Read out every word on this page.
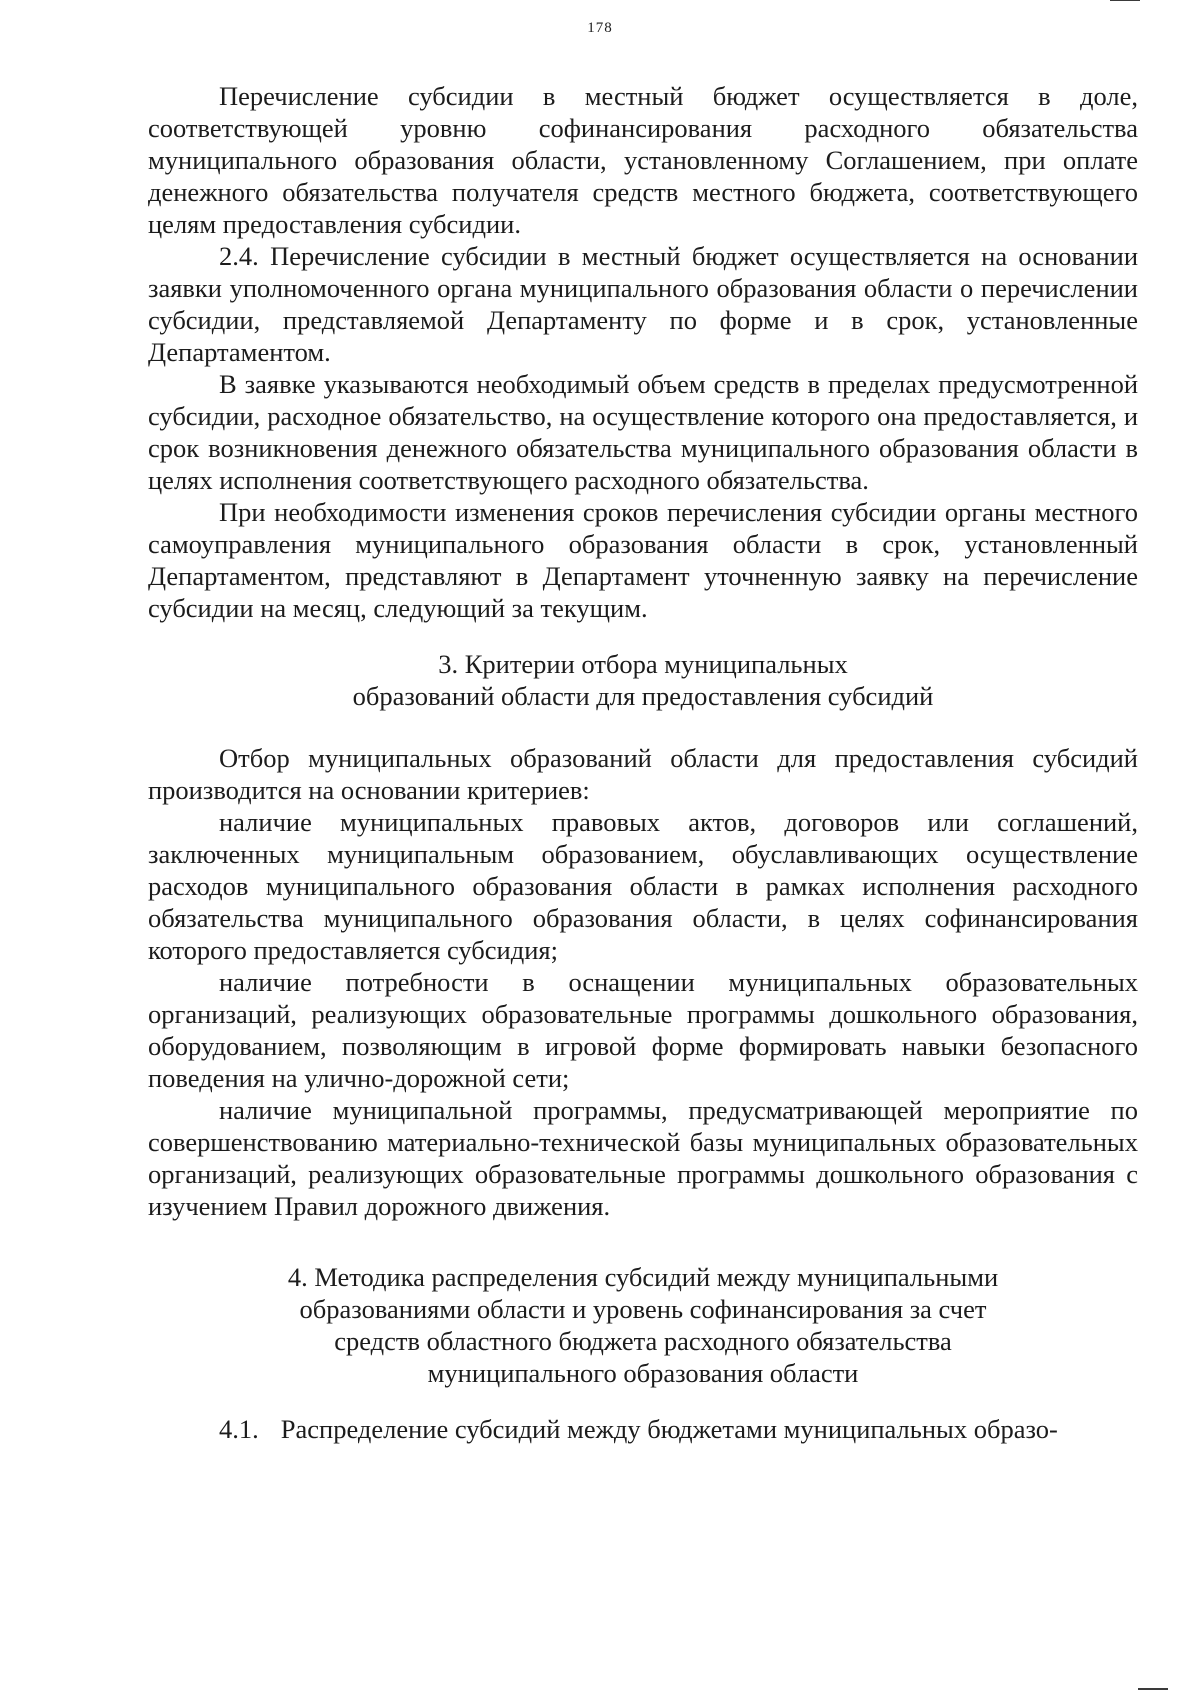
178

Перечисление субсидии в местный бюджет осуществляется в доле, соответствующей уровню софинансирования расходного обязательства муниципального образования области, установленному Соглашением, при оплате денежного обязательства получателя средств местного бюджета, соответствующего целям предоставления субсидии.

2.4. Перечисление субсидии в местный бюджет осуществляется на основании заявки уполномоченного органа муниципального образования области о перечислении субсидии, представляемой Департаменту по форме и в срок, установленные Департаментом.

В заявке указываются необходимый объем средств в пределах предусмотренной субсидии, расходное обязательство, на осуществление которого она предоставляется, и срок возникновения денежного обязательства муниципального образования области в целях исполнения соответствующего расходного обязательства.

При необходимости изменения сроков перечисления субсидии органы местного самоуправления муниципального образования области в срок, установленный Департаментом, представляют в Департамент уточненную заявку на перечисление субсидии на месяц, следующий за текущим.

3. Критерии отбора муниципальных
образований области для предоставления субсидий

Отбор муниципальных образований области для предоставления субсидий производится на основании критериев:

наличие муниципальных правовых актов, договоров или соглашений, заключенных муниципальным образованием, обуславливающих осуществление расходов муниципального образования области в рамках исполнения расходного обязательства муниципального образования области, в целях софинансирования которого предоставляется субсидия;

наличие потребности в оснащении муниципальных образовательных организаций, реализующих образовательные программы дошкольного образования, оборудованием, позволяющим в игровой форме формировать навыки безопасного поведения на улично-дорожной сети;

наличие муниципальной программы, предусматривающей мероприятие по совершенствованию материально-технической базы муниципальных образовательных организаций, реализующих образовательные программы дошкольного образования с изучением Правил дорожного движения.

4. Методика распределения субсидий между муниципальными
образованиями области и уровень софинансирования за счет
средств областного бюджета расходного обязательства
муниципального образования области

4.1. Распределение субсидий между бюджетами муниципальных образо-
